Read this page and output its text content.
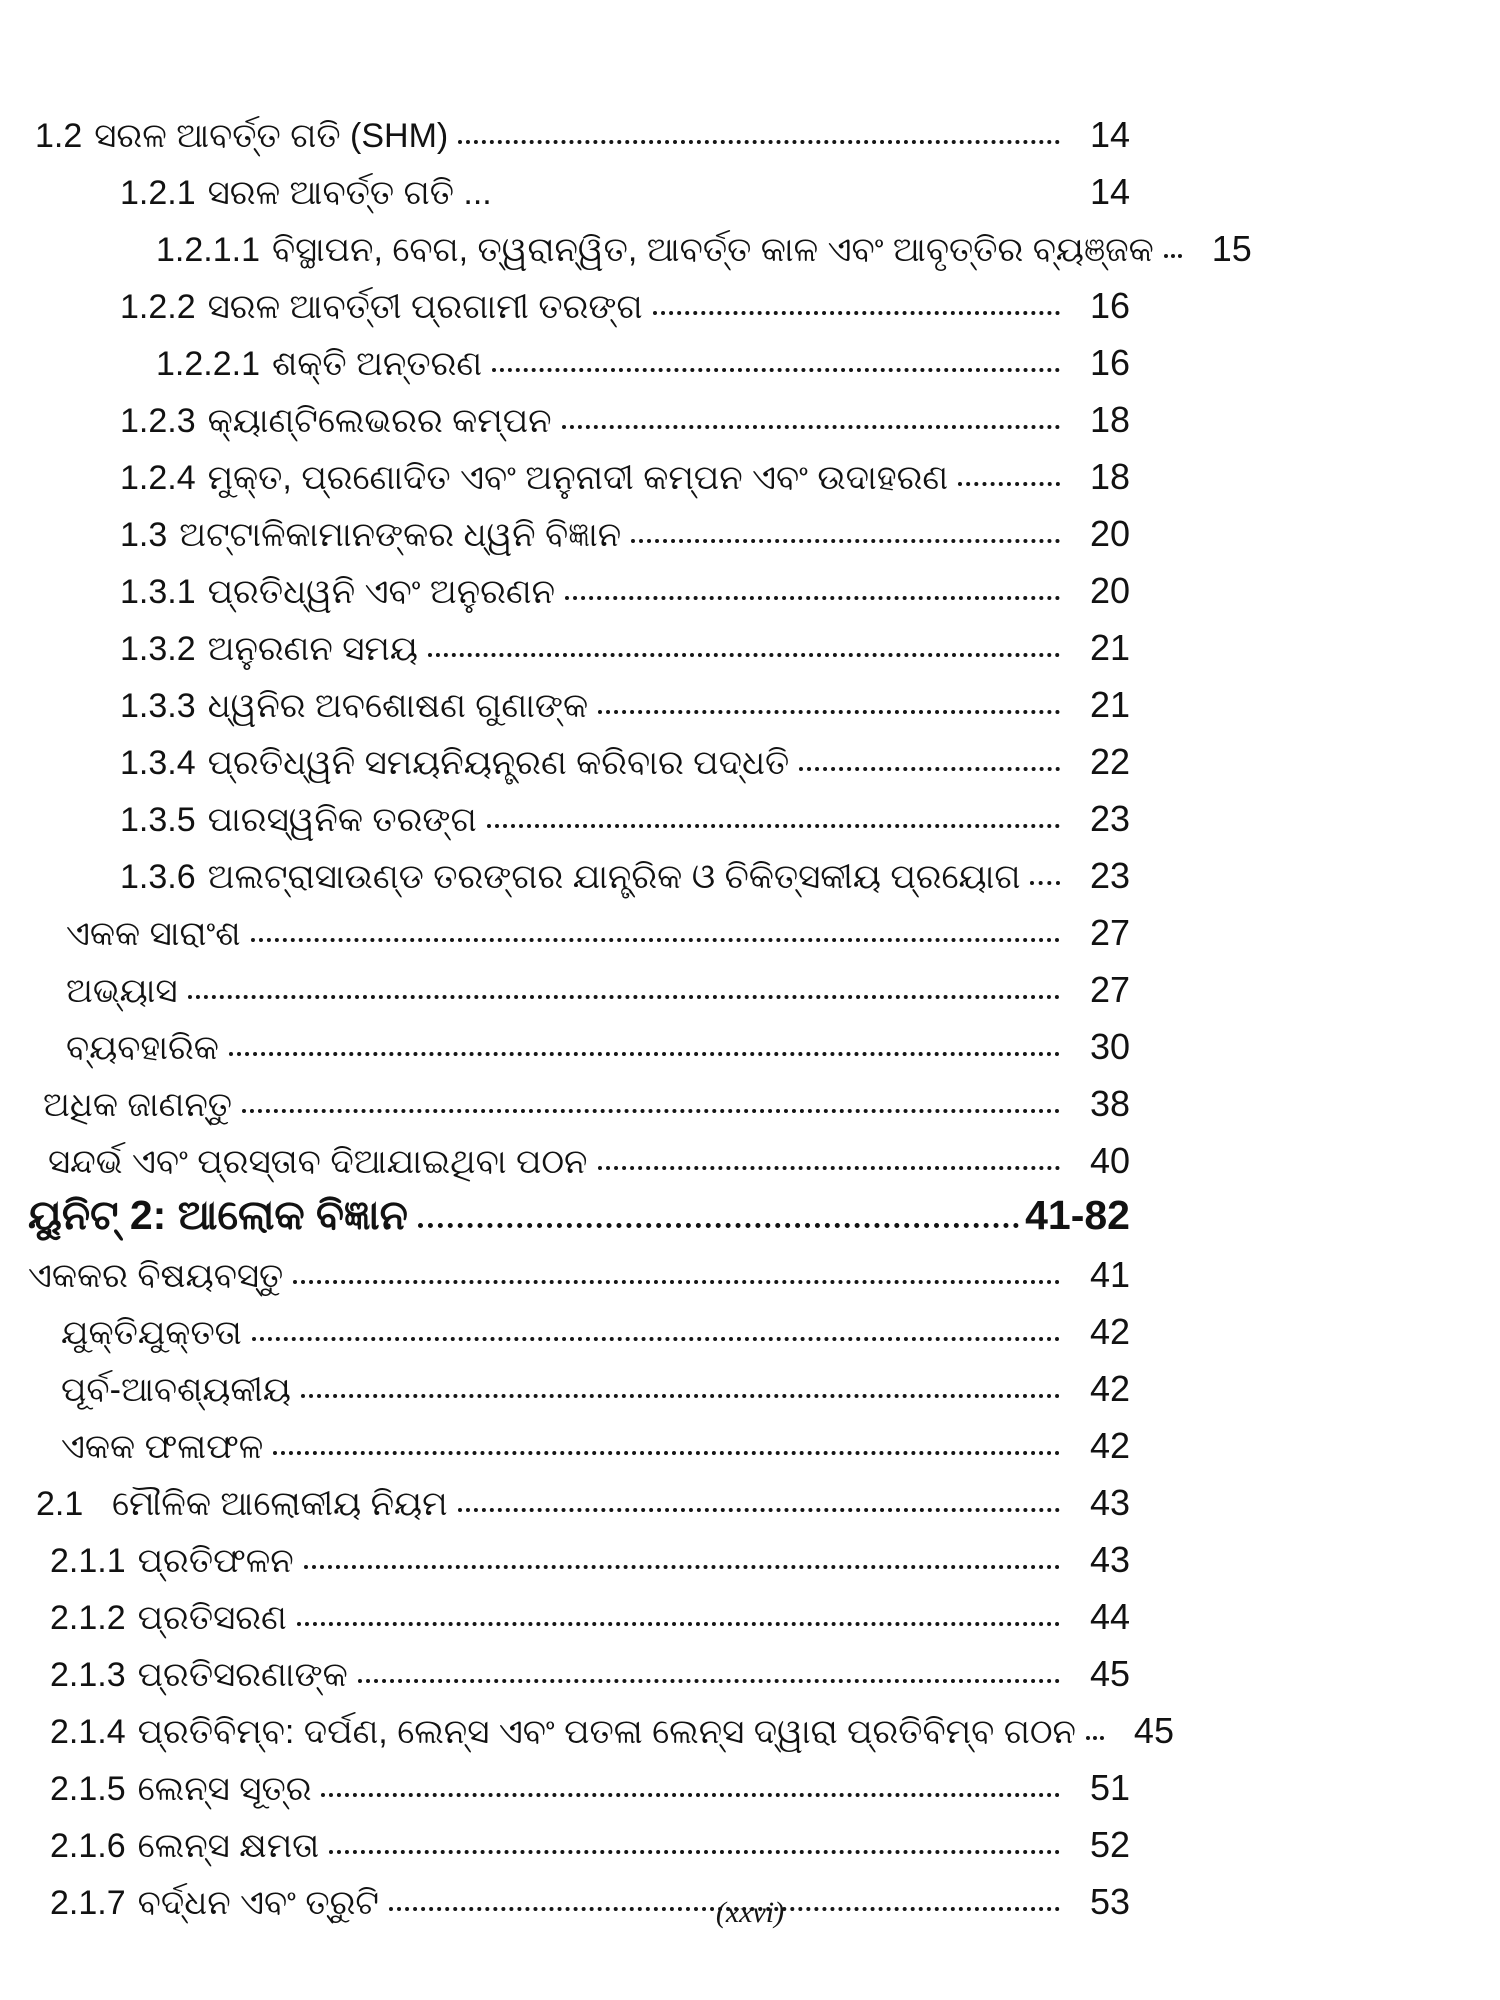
1.2 ସରଳ ଆବର୍ତ୍ତ ଗତି (SHM)	14
1.2.1 ସରଳ ଆବର୍ତ୍ତ ଗତି ...	14
1.2.1.1 ବିସ୍ଥାପନ, ବେଗ, ତ୍ୱରାନ୍ୱିତ, ଆବର୍ତ୍ତ କାଳ ଏବଂ ଆବୃତ୍ତିର ବ୍ୟଞ୍ଜକ	15
1.2.2 ସରଳ ଆବର୍ତ୍ତୀ ପ୍ରଗାମୀ ତରଙ୍ଗ	16
1.2.2.1 ଶକ୍ତି ଅନ୍ତରଣ	16
1.2.3 କ୍ୟାଣ୍ଟିଲେଭରର କମ୍ପନ	18
1.2.4 ମୁକ୍ତ, ପ୍ରଣୋଦିତ ଏବଂ ଅନୁନାଦୀ କମ୍ପନ ଏବଂ ଉଦାହରଣ	18
1.3 ଅଟ୍ଟାଳିକାମାନଙ୍କର ଧ୍ୱନି ବିଜ୍ଞାନ	20
1.3.1 ପ୍ରତିଧ୍ୱନି ଏବଂ ଅନୁରଣନ	20
1.3.2 ଅନୁରଣନ ସମୟ	21
1.3.3 ଧ୍ୱନିର ଅବଶୋଷଣ ଗୁଣାଙ୍କ	21
1.3.4 ପ୍ରତିଧ୍ୱନି ସମୟନିୟନ୍ତ୍ରଣ କରିବାର ପଦ୍ଧତି	22
1.3.5 ପାରସ୍ୱନିକ ତରଙ୍ଗ	23
1.3.6 ଅଲଟ୍ରାସାଉଣ୍ଡ ତରଙ୍ଗର ଯାନ୍ତ୍ରିକ ଓ ଚିକିତ୍ସକୀୟ ପ୍ରୟୋଗ	23
ଏକକ ସାରାଂଶ	27
ଅଭ୍ୟାସ	27
ବ୍ୟବହାରିକ	30
ଅଧିକ ଜାଣନ୍ତୁ	38
ସନ୍ଦର୍ଭ ଏବଂ ପ୍ରସ୍ତାବ ଦିଆଯାଇଥିବା ପଠନ	40
ୟୁନିଟ୍ 2: ଆଲୋକ ବିଜ୍ଞାନ	41-82
ଏକକର ବିଷୟବସ୍ତୁ	41
ଯୁକ୍ତିଯୁକ୍ତତା	42
ପୂର୍ବ-ଆବଶ୍ୟକୀୟ	42
ଏକକ ଫଳାଫଳ	42
2.1 ମୌଳିକ ଆଲୋକୀୟ ନିୟମ	43
2.1.1 ପ୍ରତିଫଳନ	43
2.1.2 ପ୍ରତିସରଣ	44
2.1.3 ପ୍ରତିସରଣାଙ୍କ	45
2.1.4 ପ୍ରତିବିମ୍ବ: ଦର୍ପଣ, ଲେନ୍ସ ଏବଂ ପତଳା ଲେନ୍ସ ଦ୍ୱାରା ପ୍ରତିବିମ୍ବ ଗଠନ	45
2.1.5 ଲେନ୍ସ ସୂତ୍ର	51
2.1.6 ଲେନ୍ସ କ୍ଷମତା	52
2.1.7 ବର୍ଦ୍ଧନ ଏବଂ ତ୍ରୁଟି	53
(xxvi)
